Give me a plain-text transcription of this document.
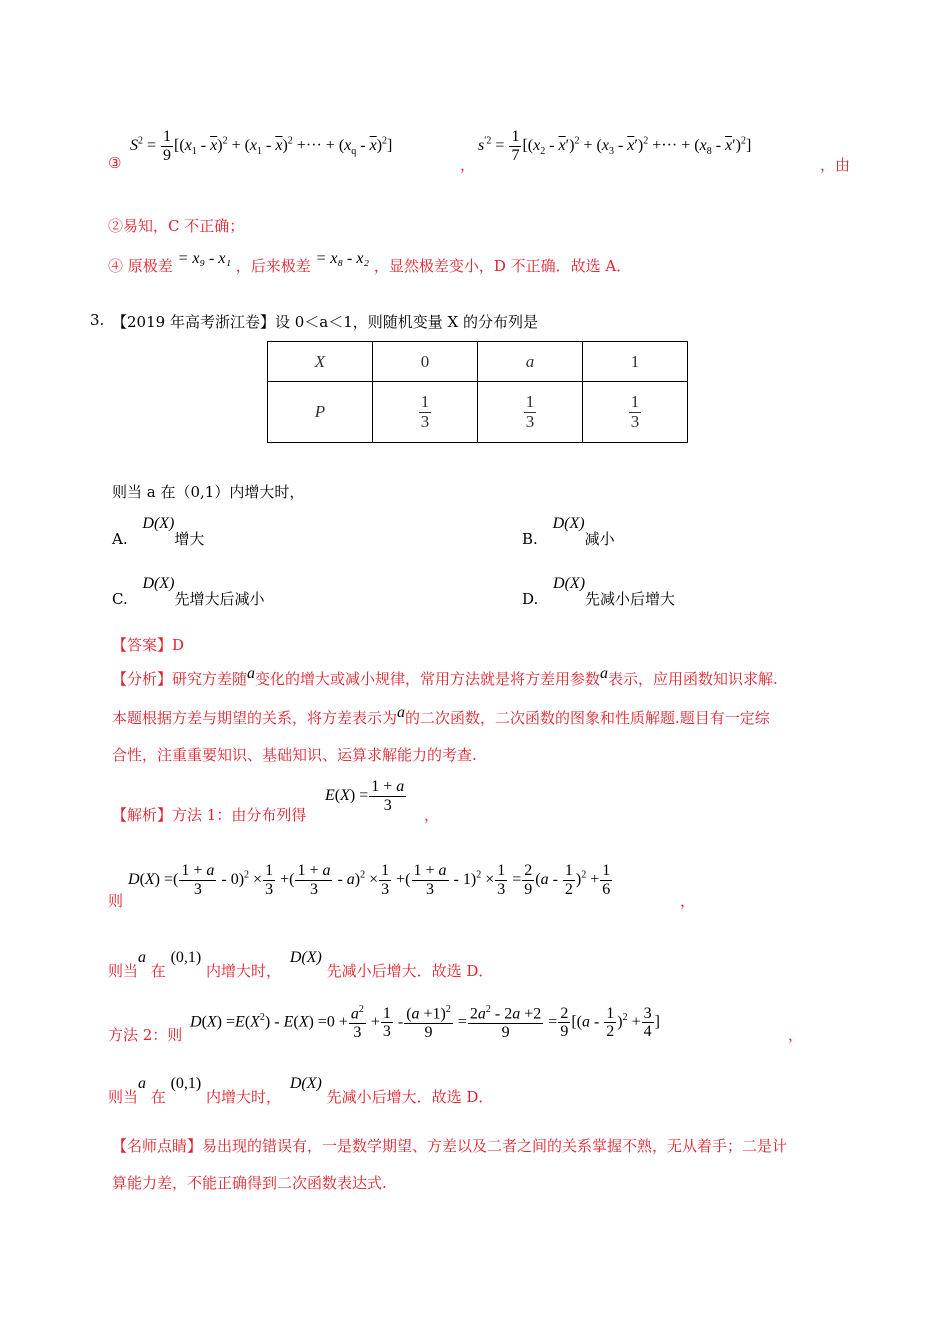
③
$S^2 = \frac{1}{9} [(x_1 - \overline{x})^2 + (x_1 - \overline{x})^2$ +··· + $(x_q - \overline{x})^2$]
，
$s^{'2} = \frac{1}{7} [(x_2 - \overline{x}')^2 + (x_3 - \overline{x}')^2$ +··· + $(x_8 - \overline{x}')^2$]
，由
②易知，C 不正确；
④ 原极差 = x₉ - x₁ ，后来极差 = x₈ - x₂ ，显然极差变小，D 不正确．故选 A．
3. 【2019 年高考浙江卷】设 0＜a＜1，则随机变量 X 的分布列是
X	0	a	1
P	$\frac{1}{3}$	$\frac{1}{3}$	$\frac{1}{3}$
则当 a 在（0,1）内增大时，
A. D(X)增大	B. D(X)减小
C. D(X)先增大后减小	D. D(X)先减小后增大
【答案】D
【分析】研究方差随a变化的增大或减小规律，常用方法就是将方差用参数a表示，应用函数知识求解.
本题根据方差与期望的关系，将方差表示为a的二次函数，二次函数的图象和性质解题.题目有一定综
合性，注重重要知识、基础知识、运算求解能力的考查.
【解析】方法 1：由分布列得
$E(X) = \frac{1 + a}{3}$
，
则
D(X) =( $\frac{1 + a}{3} - 0)^2 \times \frac{1}{3}$ +( $\frac{1 + a}{3} - a)^2 \times \frac{1}{3}$ +( $\frac{1 + a}{3} - 1)^2 \times \frac{1}{3} = \frac{2}{9} (a - \frac{1}{2} )^2 + \frac{1}{6}$
，
则当a 在 (0,1) 内增大时， D(X) 先减小后增大．故选 D．
方法 2：则
$D(X) =E(X^2) - E(X) =0 + \frac{a^2}{3} + \frac{1}{3} - \frac{(a +1)^2}{9} = \frac{2a^2 - 2a +2}{9} = \frac{2}{9} [(a - \frac{1}{2} )^2 + \frac{3}{4}$ ]
，
则当a 在 (0,1) 内增大时， D(X) 先减小后增大．故选 D．
【名师点睛】易出现的错误有，一是数学期望、方差以及二者之间的关系掌握不熟，无从着手；二是计
算能力差，不能正确得到二次函数表达式.
